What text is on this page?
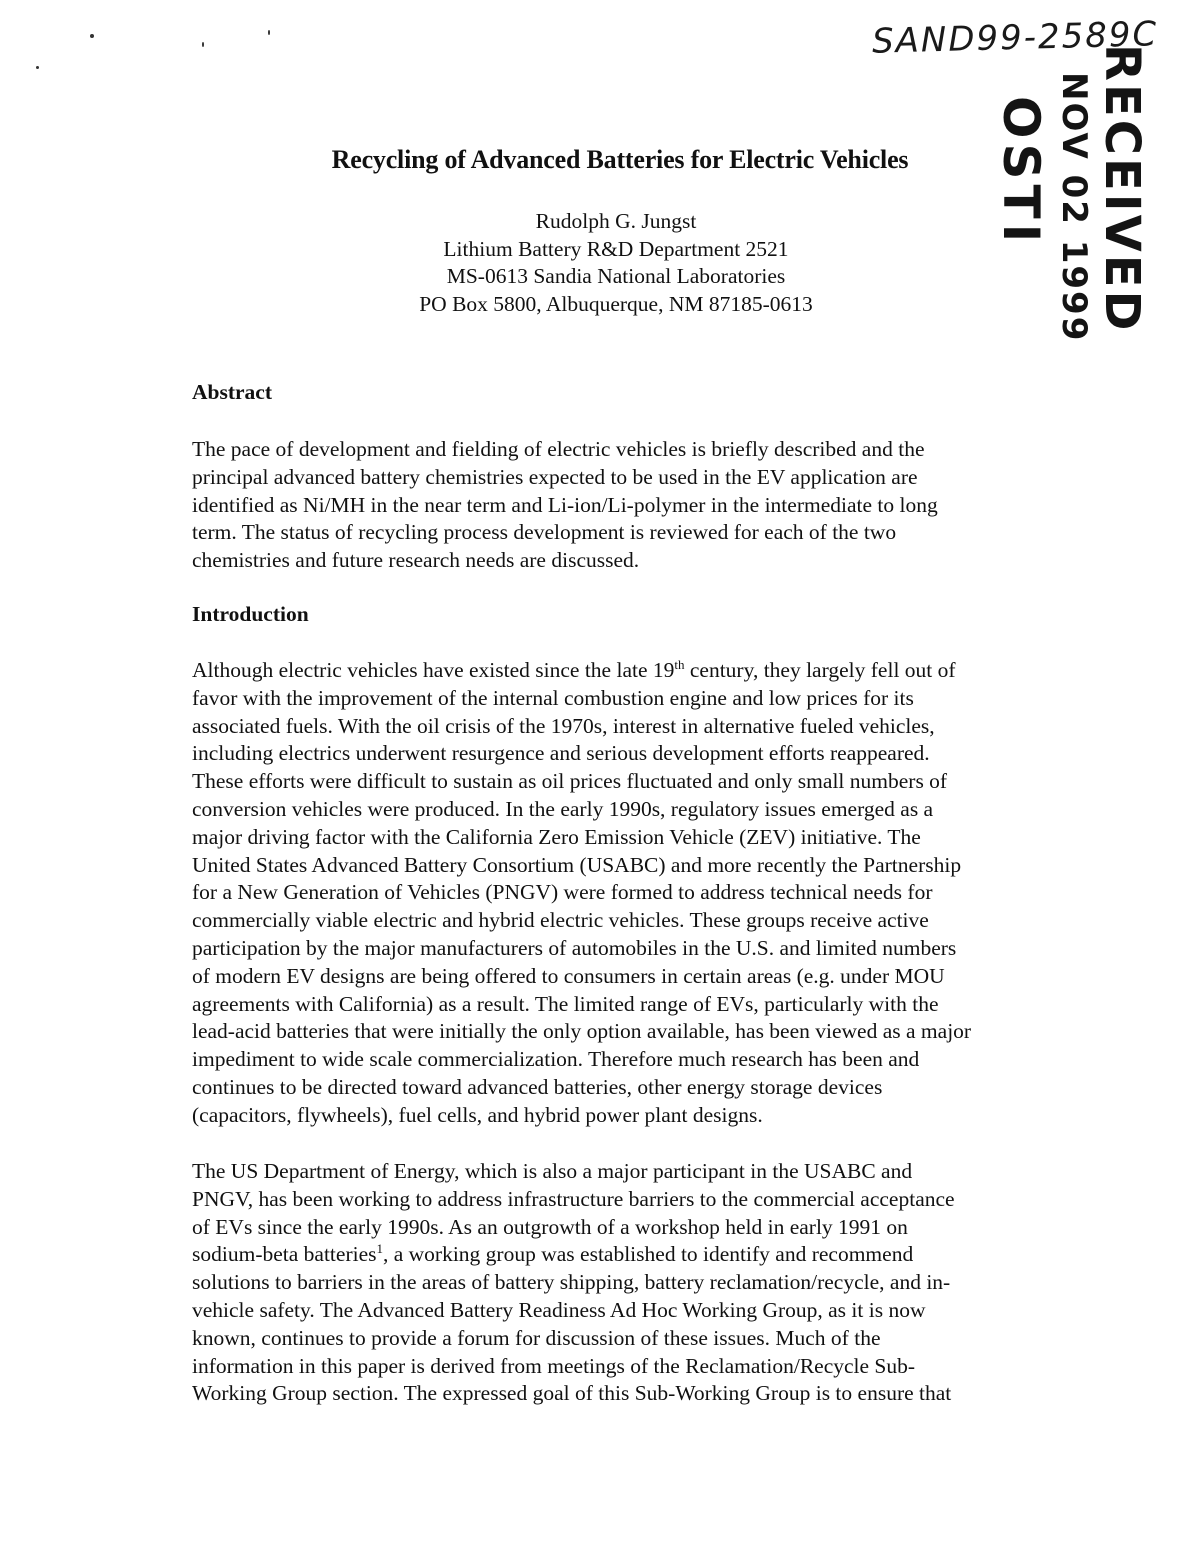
SAND99-2589C
RECEIVED
NOV 02 1999
OSTI
Recycling of Advanced Batteries for Electric Vehicles
Rudolph G. Jungst
Lithium Battery R&D Department 2521
MS-0613 Sandia National Laboratories
PO Box 5800, Albuquerque, NM 87185-0613
Abstract

The pace of development and fielding of electric vehicles is briefly described and the
principal advanced battery chemistries expected to be used in the EV application are
identified as Ni/MH in the near term and Li-ion/Li-polymer in the intermediate to long
term. The status of recycling process development is reviewed for each of the two
chemistries and future research needs are discussed.

Introduction

Although electric vehicles have existed since the late 19th century, they largely fell out of
favor with the improvement of the internal combustion engine and low prices for its
associated fuels. With the oil crisis of the 1970s, interest in alternative fueled vehicles,
including electrics underwent resurgence and serious development efforts reappeared.
These efforts were difficult to sustain as oil prices fluctuated and only small numbers of
conversion vehicles were produced. In the early 1990s, regulatory issues emerged as a
major driving factor with the California Zero Emission Vehicle (ZEV) initiative. The
United States Advanced Battery Consortium (USABC) and more recently the Partnership
for a New Generation of Vehicles (PNGV) were formed to address technical needs for
commercially viable electric and hybrid electric vehicles. These groups receive active
participation by the major manufacturers of automobiles in the U.S. and limited numbers
of modern EV designs are being offered to consumers in certain areas (e.g. under MOU
agreements with California) as a result. The limited range of EVs, particularly with the
lead-acid batteries that were initially the only option available, has been viewed as a major
impediment to wide scale commercialization. Therefore much research has been and
continues to be directed toward advanced batteries, other energy storage devices
(capacitors, flywheels), fuel cells, and hybrid power plant designs.

The US Department of Energy, which is also a major participant in the USABC and
PNGV, has been working to address infrastructure barriers to the commercial acceptance
of EVs since the early 1990s. As an outgrowth of a workshop held in early 1991 on
sodium-beta batteries$^1$, a working group was established to identify and recommend
solutions to barriers in the areas of battery shipping, battery reclamation/recycle, and in-
vehicle safety. The Advanced Battery Readiness Ad Hoc Working Group, as it is now
known, continues to provide a forum for discussion of these issues. Much of the
information in this paper is derived from meetings of the Reclamation/Recycle Sub-
Working Group section. The expressed goal of this Sub-Working Group is to ensure that
